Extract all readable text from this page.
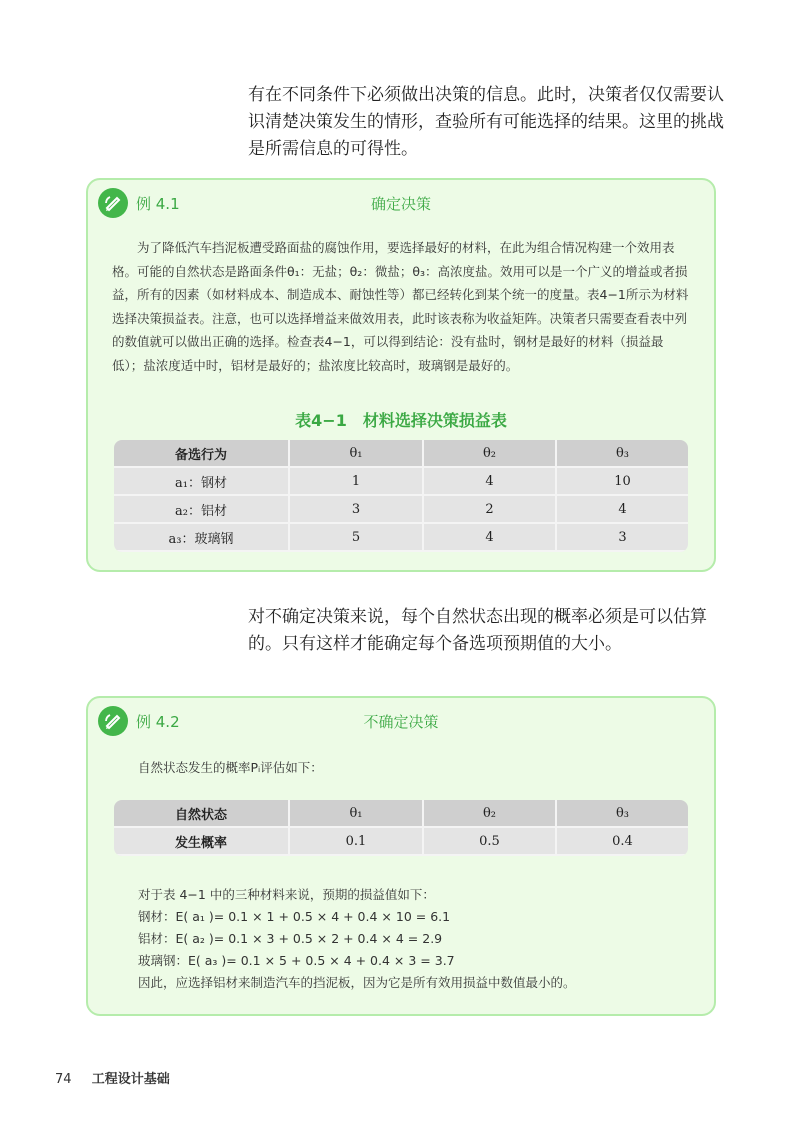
有在不同条件下必须做出决策的信息。此时，决策者仅仅需要认识清楚决策发生的情形，查验所有可能选择的结果。这里的挑战是所需信息的可得性。
例 4.1	确定决策
为了降低汽车挡泥板遭受路面盐的腐蚀作用，要选择最好的材料，在此为组合情况构建一个效用表格。可能的自然状态是路面条件θ₁：无盐；θ₂：微盐；θ₃：高浓度盐。效用可以是一个广义的增益或者损益，所有的因素（如材料成本、制造成本、耐蚀性等）都已经转化到某个统一的度量。表4−1所示为材料选择决策损益表。注意，也可以选择增益来做效用表，此时该表称为收益矩阵。决策者只需要查看表中列的数值就可以做出正确的选择。检查表4−1，可以得到结论：没有盐时，钢材是最好的材料（损益最低）；盐浓度适中时，铝材是最好的；盐浓度比较高时，玻璃钢是最好的。
表4−1　材料选择决策损益表
备选行为	θ₁	θ₂	θ₃
a₁：钢材	1	4	10
a₂：铝材	3	2	4
a₃：玻璃钢	5	4	3
对不确定决策来说，每个自然状态出现的概率必须是可以估算的。只有这样才能确定每个备选项预期值的大小。
例 4.2	不确定决策
自然状态发生的概率Pᵢ评估如下：
自然状态	θ₁	θ₂	θ₃
发生概率	0.1	0.5	0.4
对于表 4−1 中的三种材料来说，预期的损益值如下：
钢材：E( a₁ )= 0.1 × 1 + 0.5 × 4 + 0.4 × 10 = 6.1
铝材：E( a₂ )= 0.1 × 3 + 0.5 × 2 + 0.4 × 4 = 2.9
玻璃钢：E( a₃ )= 0.1 × 5 + 0.5 × 4 + 0.4 × 3 = 3.7
因此，应选择铝材来制造汽车的挡泥板，因为它是所有效用损益中数值最小的。
74 工程设计基础
